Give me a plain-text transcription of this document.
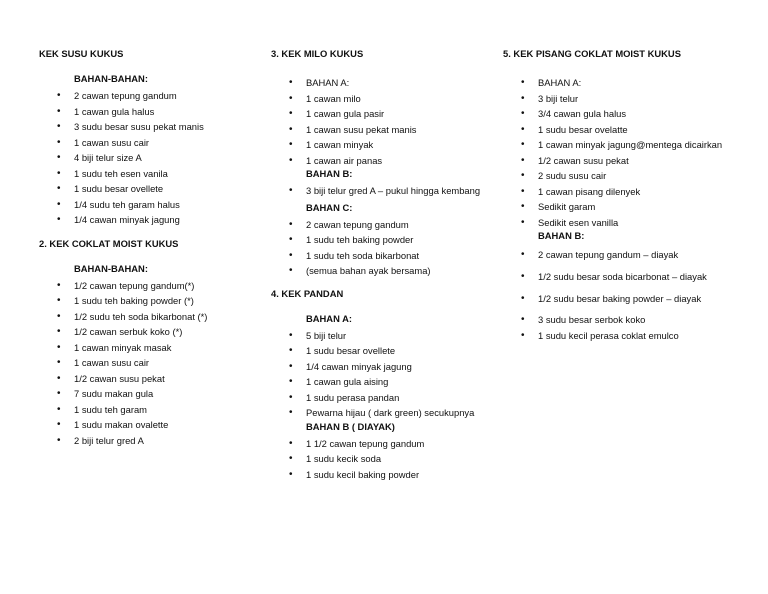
KEK SUSU KUKUS
BAHAN-BAHAN:
• 2 cawan tepung gandum
• 1 cawan gula halus
• 3 sudu besar susu pekat manis
• 1 cawan susu cair
• 4 biji telur size A
• 1 sudu teh esen vanila
• 1 sudu besar ovellete
• 1/4 sudu teh garam halus
• 1/4 cawan minyak jagung
2. KEK COKLAT MOIST KUKUS
BAHAN-BAHAN:
• 1/2 cawan tepung gandum(*)
• 1 sudu teh baking powder (*)
• 1/2 sudu teh soda bikarbonat (*)
• 1/2 cawan serbuk koko (*)
• 1 cawan minyak masak
• 1 cawan susu cair
• 1/2 cawan susu pekat
• 7 sudu makan gula
• 1 sudu teh garam
• 1 sudu makan ovalette
• 2 biji telur gred A
3. KEK MILO KUKUS
• BAHAN A:
• 1 cawan milo
• 1 cawan gula pasir
• 1 cawan susu pekat manis
• 1 cawan minyak
• 1 cawan air panas
BAHAN B:
• 3 biji telur gred A – pukul hingga kembang
BAHAN C:
• 2 cawan tepung gandum
• 1 sudu teh baking powder
• 1 sudu teh soda bikarbonat
• (semua bahan ayak bersama)
4. KEK PANDAN
BAHAN A:
• 5 biji telur
• 1 sudu besar ovellete
• 1/4 cawan minyak jagung
• 1 cawan gula aising
• 1 sudu perasa pandan
• Pewarna hijau ( dark green) secukupnya
BAHAN B ( DIAYAK)
• 1 1/2 cawan tepung gandum
• 1 sudu kecik soda
• 1 sudu kecil baking powder
5. KEK PISANG COKLAT MOIST KUKUS
• BAHAN A:
• 3 biji telur
• 3/4 cawan gula halus
• 1 sudu besar ovelatte
• 1 cawan minyak jagung@mentega dicairkan
• 1/2 cawan susu pekat
• 2 sudu susu cair
• 1 cawan pisang dilenyek
• Sedikit garam
• Sedikit esen vanilla
BAHAN B:
• 2 cawan tepung gandum – diayak
• 1/2 sudu besar soda bicarbonat – diayak
• 1/2 sudu besar baking powder – diayak
• 3 sudu besar serbok koko
• 1 sudu kecil perasa coklat emulco
